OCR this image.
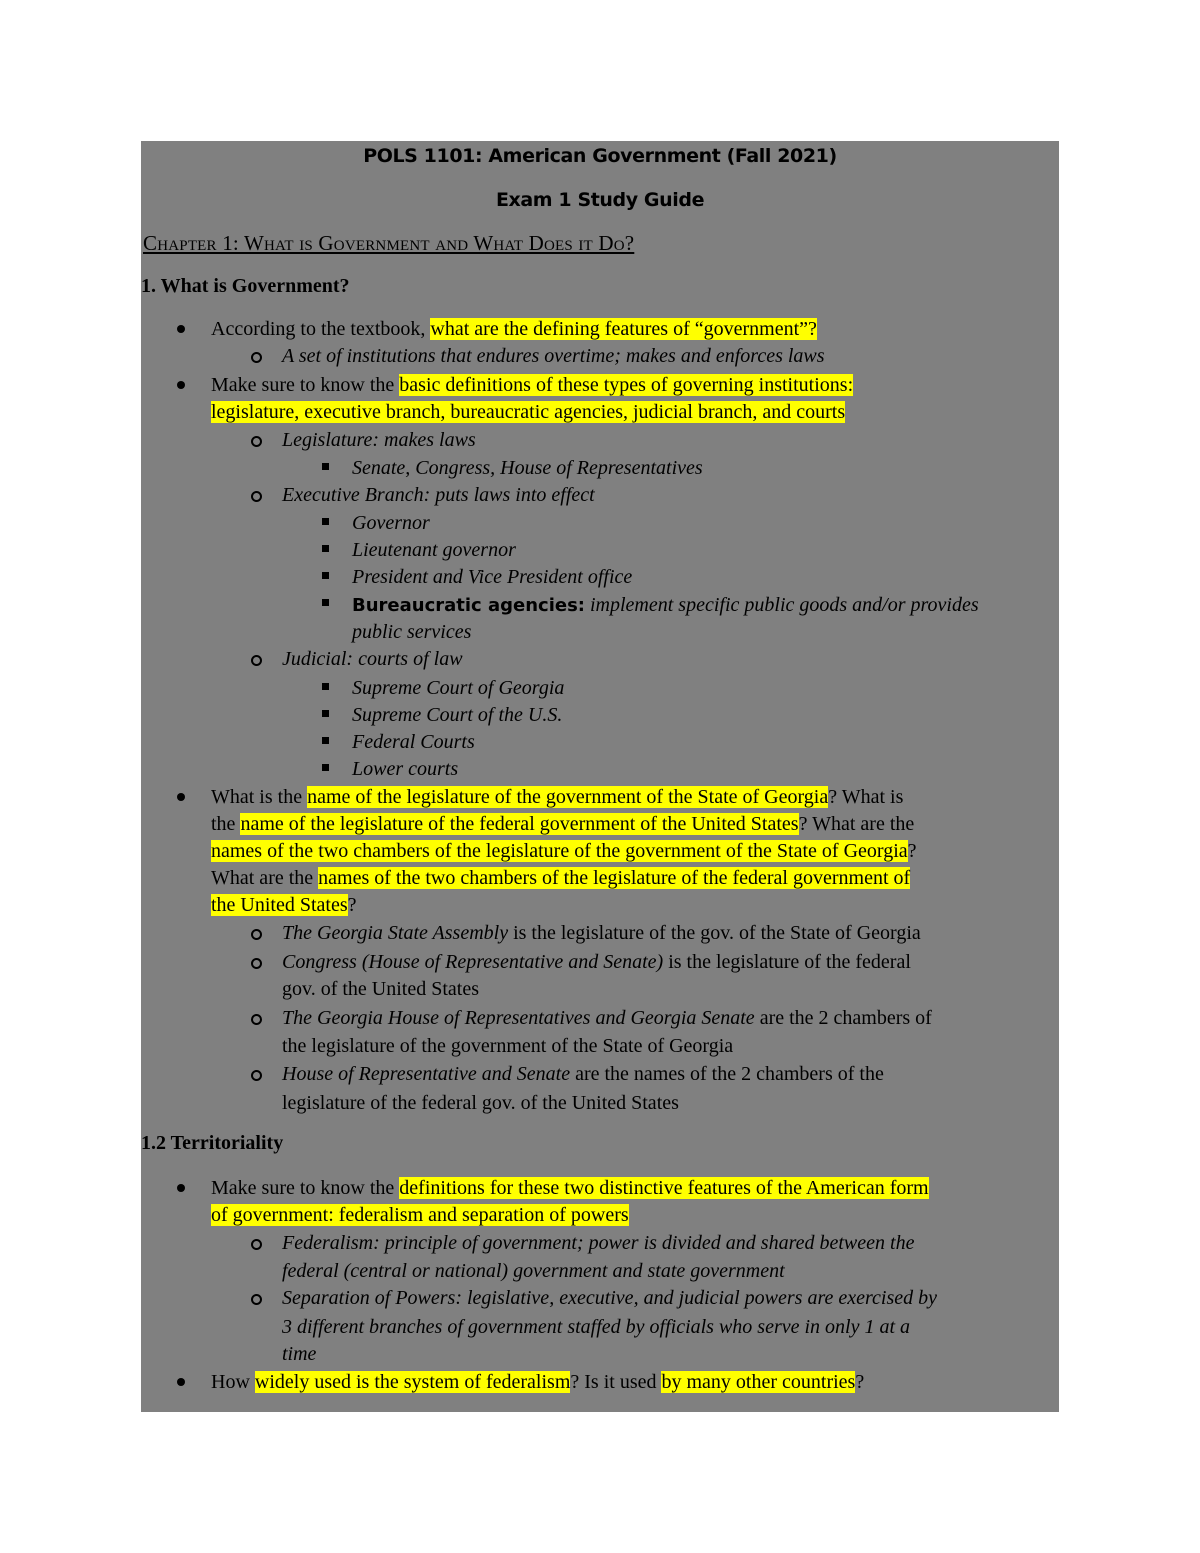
POLS 1101: American Government (Fall 2021)
Exam 1 Study Guide
Chapter 1: What is Government and What Does it Do?
1. What is Government?
According to the textbook, what are the defining features of “government”?
A set of institutions that endures overtime; makes and enforces laws
Make sure to know the basic definitions of these types of governing institutions:
legislature, executive branch, bureaucratic agencies, judicial branch, and courts
Legislature: makes laws
Senate, Congress, House of Representatives
Executive Branch: puts laws into effect
Governor
Lieutenant governor
President and Vice President office
Bureaucratic agencies: implement specific public goods and/or provides
public services
Judicial: courts of law
Supreme Court of Georgia
Supreme Court of the U.S.
Federal Courts
Lower courts
What is the name of the legislature of the government of the State of Georgia? What is
the name of the legislature of the federal government of the United States? What are the
names of the two chambers of the legislature of the government of the State of Georgia?
What are the names of the two chambers of the legislature of the federal government of
the United States?
The Georgia State Assembly is the legislature of the gov. of the State of Georgia
Congress (House of Representative and Senate) is the legislature of the federal
gov. of the United States
The Georgia House of Representatives and Georgia Senate are the 2 chambers of
the legislature of the government of the State of Georgia
House of Representative and Senate are the names of the 2 chambers of the
legislature of the federal gov. of the United States
1.2 Territoriality
Make sure to know the definitions for these two distinctive features of the American form
of government: federalism and separation of powers
Federalism: principle of government; power is divided and shared between the
federal (central or national) government and state government
Separation of Powers: legislative, executive, and judicial powers are exercised by
3 different branches of government staffed by officials who serve in only 1 at a
time
How widely used is the system of federalism? Is it used by many other countries?
